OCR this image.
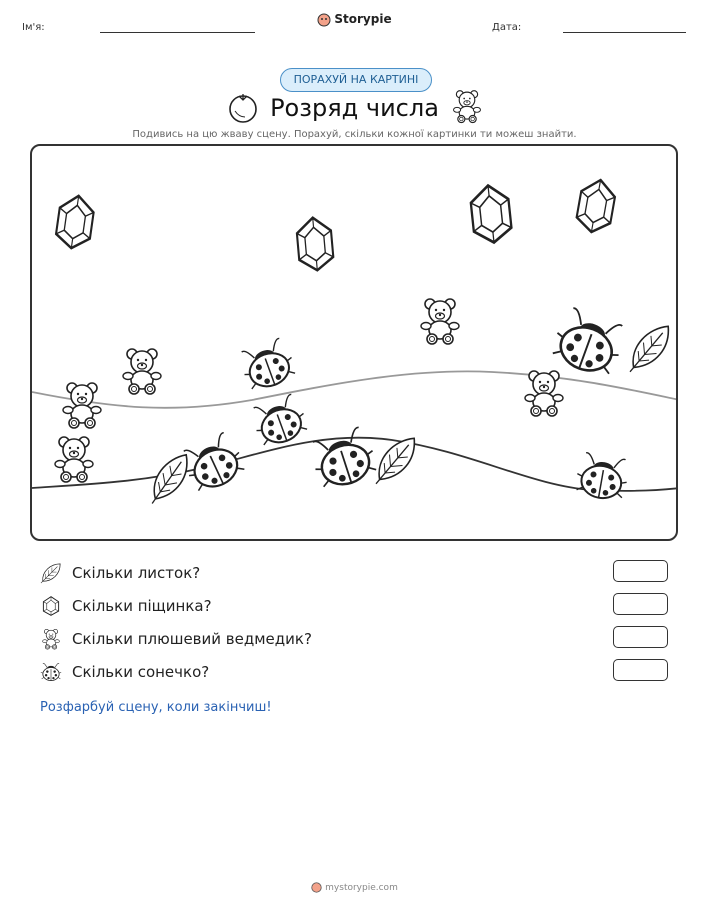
Ім'я:
Storypie
Дата:
ПОРАХУЙ НА КАРТИНІ
Розряд числа
Подивись на цю жваву сцену. Порахуй, скільки кожної картинки ти можеш знайти.
Скільки листок?
Скільки піщинка?
Скільки плюшевий ведмедик?
Скільки сонечко?
Розфарбуй сцену, коли закінчиш!
mystorypie.com
